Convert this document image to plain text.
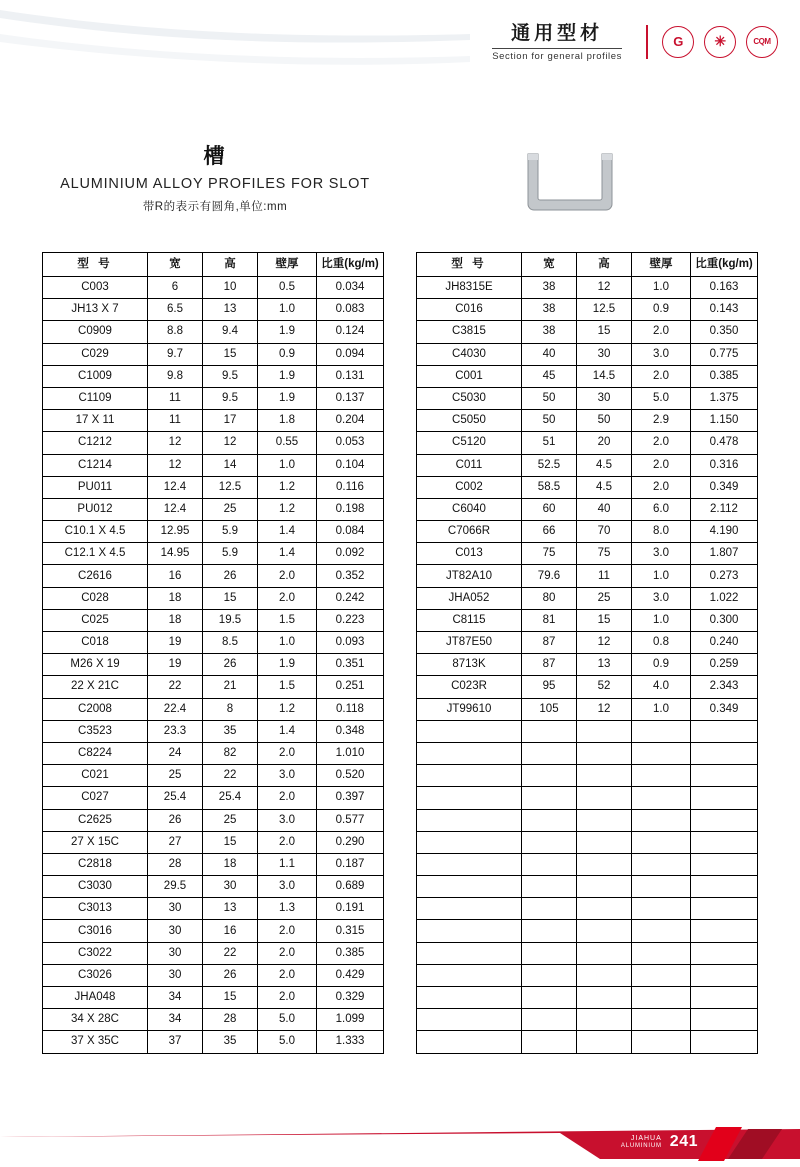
通用型材
Section for general profiles
G ✳	CQM
槽
ALUMINIUM ALLOY PROFILES FOR SLOT
带R的表示有圆角,单位:mm
型 号	宽	高	壁厚	比重(kg/m)
C003	6	10	0.5	0.034
JH13 X 7	6.5	13	1.0	0.083
C0909	8.8	9.4	1.9	0.124
C029	9.7	15	0.9	0.094
C1009	9.8	9.5	1.9	0.131
C1109	11	9.5	1.9	0.137
17 X 11	11	17	1.8	0.204
C1212	12	12	0.55	0.053
C1214	12	14	1.0	0.104
PU011	12.4	12.5	1.2	0.116
PU012	12.4	25	1.2	0.198
C10.1 X 4.5	12.95	5.9	1.4	0.084
C12.1 X 4.5	14.95	5.9	1.4	0.092
C2616	16	26	2.0	0.352
C028	18	15	2.0	0.242
C025	18	19.5	1.5	0.223
C018	19	8.5	1.0	0.093
M26 X 19	19	26	1.9	0.351
22 X 21C	22	21	1.5	0.251
C2008	22.4	8	1.2	0.118
C3523	23.3	35	1.4	0.348
C8224	24	82	2.0	1.010
C021	25	22	3.0	0.520
C027	25.4	25.4	2.0	0.397
C2625	26	25	3.0	0.577
27 X 15C	27	15	2.0	0.290
C2818	28	18	1.1	0.187
C3030	29.5	30	3.0	0.689
C3013	30	13	1.3	0.191
C3016	30	16	2.0	0.315
C3022	30	22	2.0	0.385
C3026	30	26	2.0	0.429
JHA048	34	15	2.0	0.329
34 X 28C	34	28	5.0	1.099
37 X 35C	37	35	5.0	1.333
型 号	宽	高	壁厚	比重(kg/m)
JH8315E	38	12	1.0	0.163
C016	38	12.5	0.9	0.143
C3815	38	15	2.0	0.350
C4030	40	30	3.0	0.775
C001	45	14.5	2.0	0.385
C5030	50	30	5.0	1.375
C5050	50	50	2.9	1.150
C5120	51	20	2.0	0.478
C011	52.5	4.5	2.0	0.316
C002	58.5	4.5	2.0	0.349
C6040	60	40	6.0	2.112
C7066R	66	70	8.0	4.190
C013	75	75	3.0	1.807
JT82A10	79.6	11	1.0	0.273
JHA052	80	25	3.0	1.022
C8115	81	15	1.0	0.300
JT87E50	87	12	0.8	0.240
8713K	87	13	0.9	0.259
C023R	95	52	4.0	2.343
JT99610	105	12	1.0	0.349

JIAHUA
ALUMINIUM 241
